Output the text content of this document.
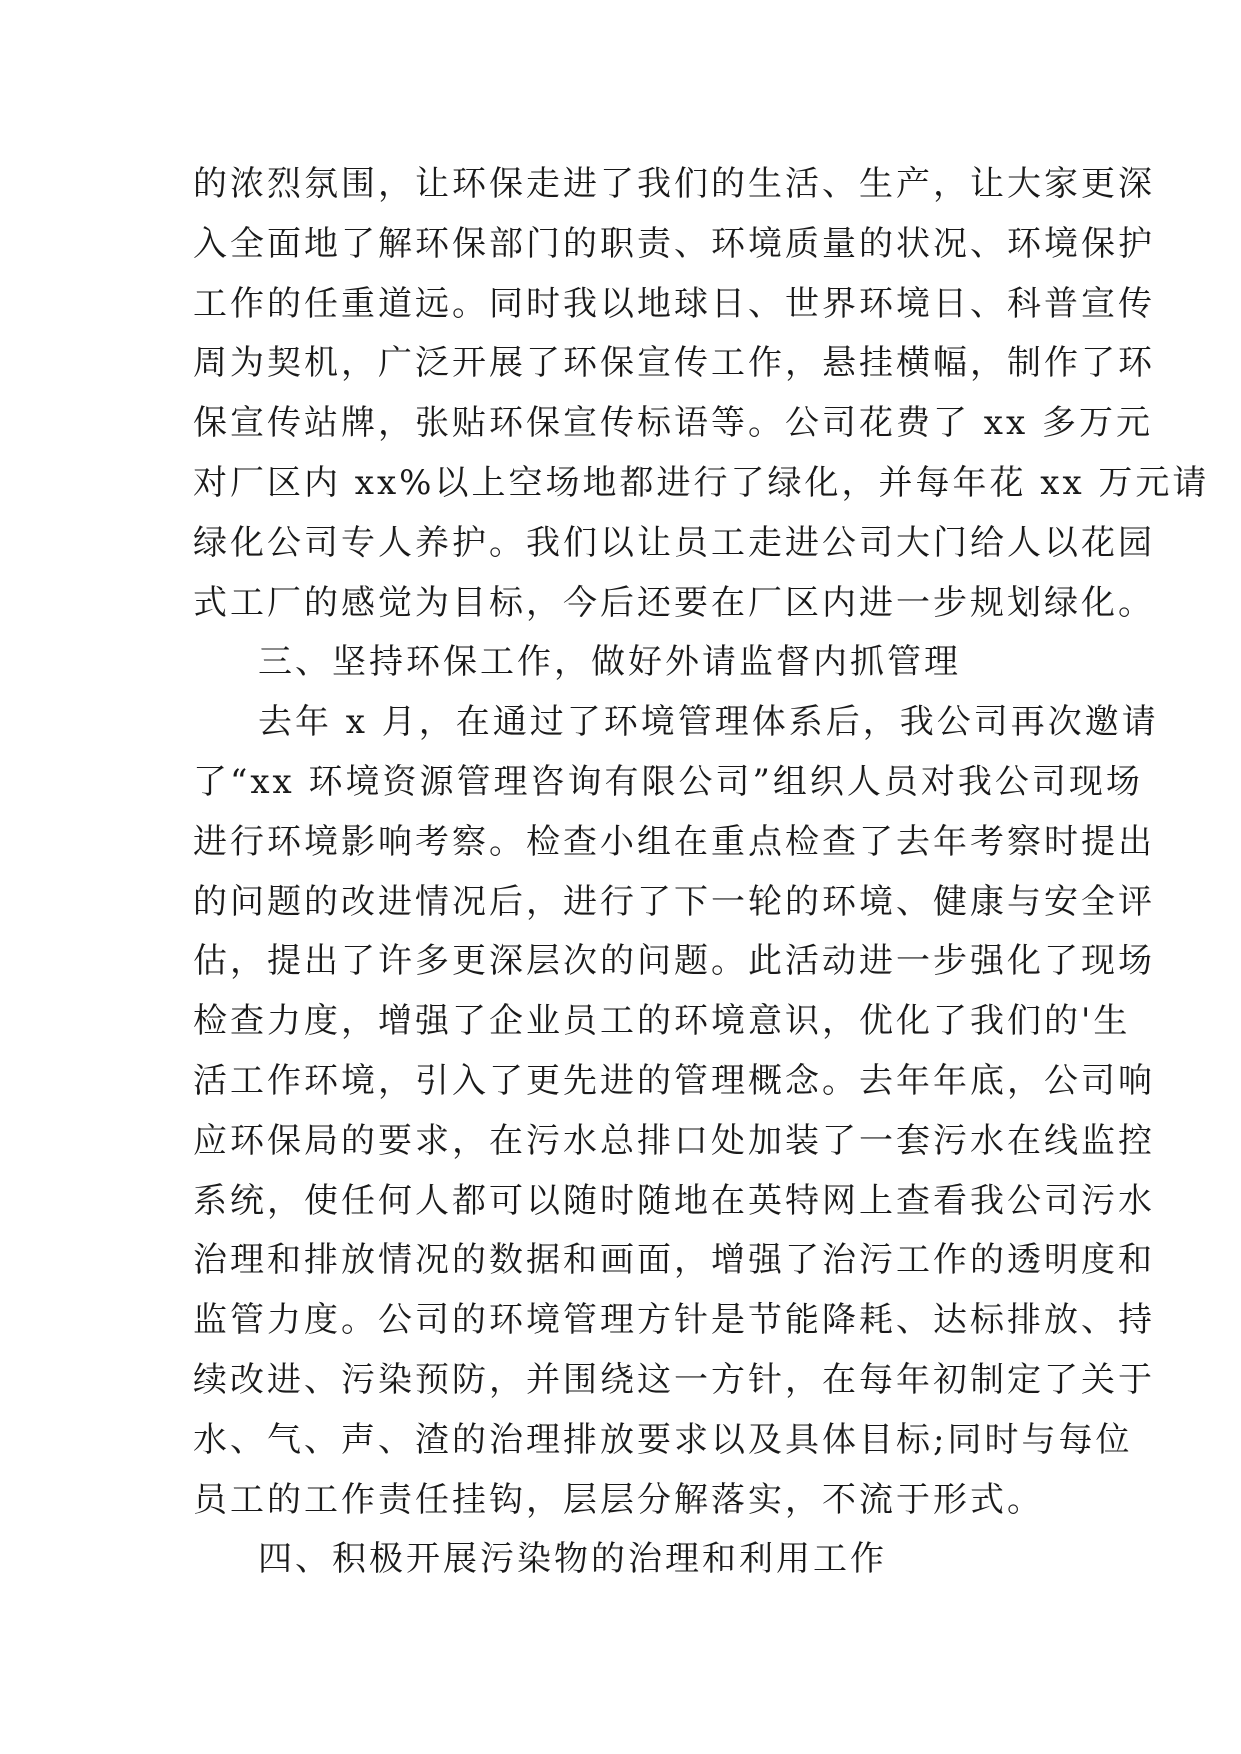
的浓烈氛围，让环保走进了我们的生活、生产，让大家更深

入全面地了解环保部门的职责、环境质量的状况、环境保护

工作的任重道远。同时我以地球日、世界环境日、科普宣传

周为契机，广泛开展了环保宣传工作，悬挂横幅，制作了环

保宣传站牌，张贴环保宣传标语等。公司花费了 xx 多万元

对厂区内 xx%以上空场地都进行了绿化，并每年花 xx 万元请

绿化公司专人养护。我们以让员工走进公司大门给人以花园

式工厂的感觉为目标，今后还要在厂区内进一步规划绿化。

三、坚持环保工作，做好外请监督内抓管理

去年 x 月，在通过了环境管理体系后，我公司再次邀请

了“xx 环境资源管理咨询有限公司”组织人员对我公司现场

进行环境影响考察。检查小组在重点检查了去年考察时提出

的问题的改进情况后，进行了下一轮的环境、健康与安全评

估，提出了许多更深层次的问题。此活动进一步强化了现场

检查力度，增强了企业员工的环境意识，优化了我们的'生

活工作环境，引入了更先进的管理概念。去年年底，公司响

应环保局的要求，在污水总排口处加装了一套污水在线监控

系统，使任何人都可以随时随地在英特网上查看我公司污水

治理和排放情况的数据和画面，增强了治污工作的透明度和

监管力度。公司的环境管理方针是节能降耗、达标排放、持

续改进、污染预防，并围绕这一方针，在每年初制定了关于

水、气、声、渣的治理排放要求以及具体目标;同时与每位

员工的工作责任挂钩，层层分解落实，不流于形式。

四、积极开展污染物的治理和利用工作
